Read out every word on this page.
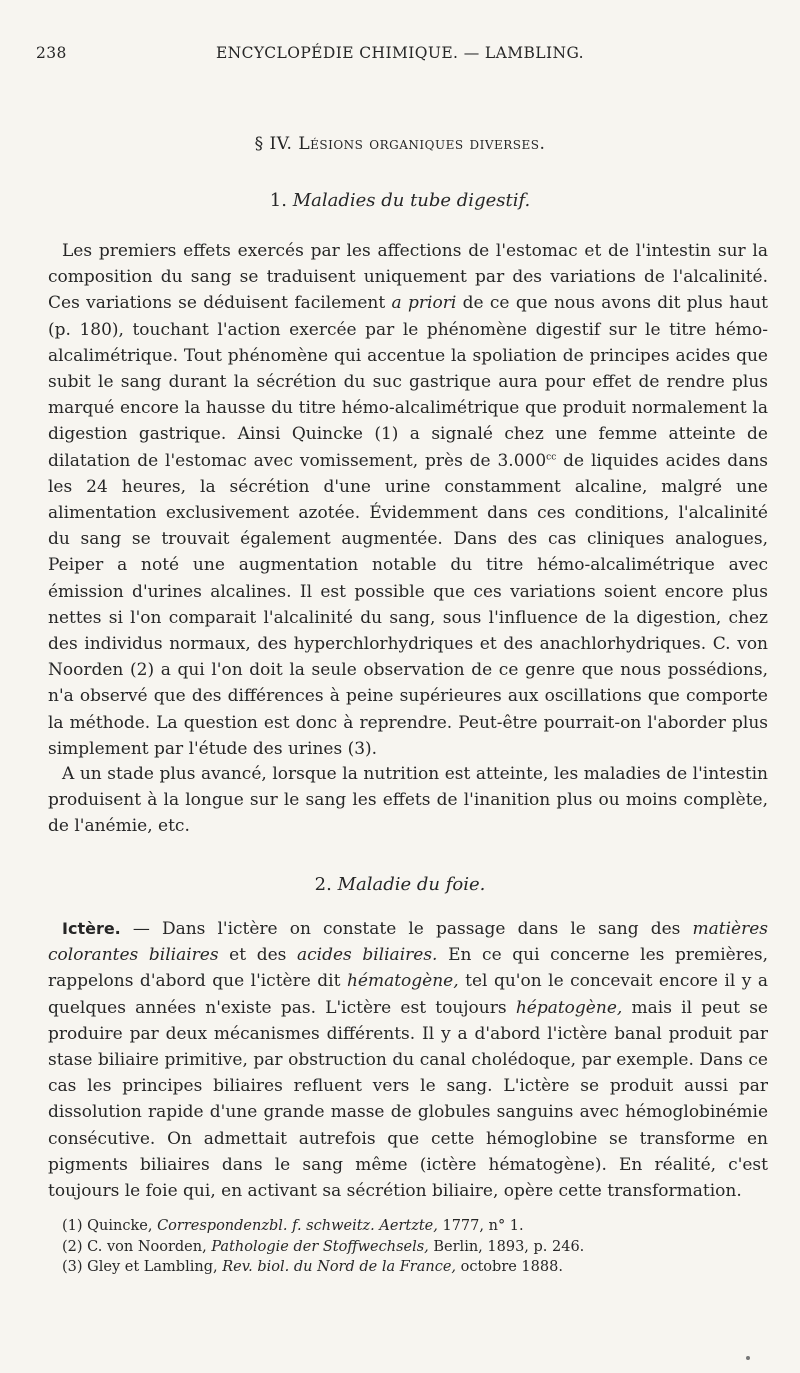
238	ENCYCLOPÉDIE CHIMIQUE. — LAMBLING.
§ IV. Lésions organiques diverses.
1. Maladies du tube digestif.
Les premiers effets exercés par les affections de l'estomac et de l'intestin sur la composition du sang se traduisent uniquement par des variations de l'alcalinité. Ces variations se déduisent facilement a priori de ce que nous avons dit plus haut (p. 180), touchant l'action exercée par le phénomène digestif sur le titre hémo-alcalimétrique. Tout phénomène qui accentue la spoliation de principes acides que subit le sang durant la sécrétion du suc gastrique aura pour effet de rendre plus marqué encore la hausse du titre hémo-alcalimétrique que produit normalement la digestion gastrique. Ainsi Quincke (1) a signalé chez une femme atteinte de dilatation de l'estomac avec vomissement, près de 3.000$^{cc}$ de liquides acides dans les 24 heures, la sécrétion d'une urine constamment alcaline, malgré une alimentation exclusivement azotée. Évidemment dans ces conditions, l'alcalinité du sang se trouvait également augmentée. Dans des cas cliniques analogues, Peiper a noté une augmentation notable du titre hémo-alcalimétrique avec émission d'urines alcalines. Il est possible que ces variations soient encore plus nettes si l'on comparait l'alcalinité du sang, sous l'influence de la digestion, chez des individus normaux, des hyperchlorhydriques et des anachlorhydriques. C. von Noorden (2) a qui l'on doit la seule observation de ce genre que nous possédions, n'a observé que des différences à peine supérieures aux oscillations que comporte la méthode. La question est donc à reprendre. Peut-être pourrait-on l'aborder plus simplement par l'étude des urines (3).
A un stade plus avancé, lorsque la nutrition est atteinte, les maladies de l'intestin produisent à la longue sur le sang les effets de l'inanition plus ou moins complète, de l'anémie, etc.
2. Maladie du foie.
Ictère. — Dans l'ictère on constate le passage dans le sang des matières colorantes biliaires et des acides biliaires. En ce qui concerne les premières, rappelons d'abord que l'ictère dit hématogène, tel qu'on le concevait encore il y a quelques années n'existe pas. L'ictère est toujours hépatogène, mais il peut se produire par deux mécanismes différents. Il y a d'abord l'ictère banal produit par stase biliaire primitive, par obstruction du canal cholédoque, par exemple. Dans ce cas les principes biliaires refluent vers le sang. L'ictère se produit aussi par dissolution rapide d'une grande masse de globules sanguins avec hémoglobinémie consécutive. On admettait autrefois que cette hémoglobine se transforme en pigments biliaires dans le sang même (ictère hématogène). En réalité, c'est toujours le foie qui, en activant sa sécrétion biliaire, opère cette transformation.
(1) Quincke, Correspondenzbl. f. schweitz. Aertzte, 1777, n° 1.
(2) C. von Noorden, Pathologie der Stoffwechsels, Berlin, 1893, p. 246.
(3) Gley et Lambling, Rev. biol. du Nord de la France, octobre 1888.
